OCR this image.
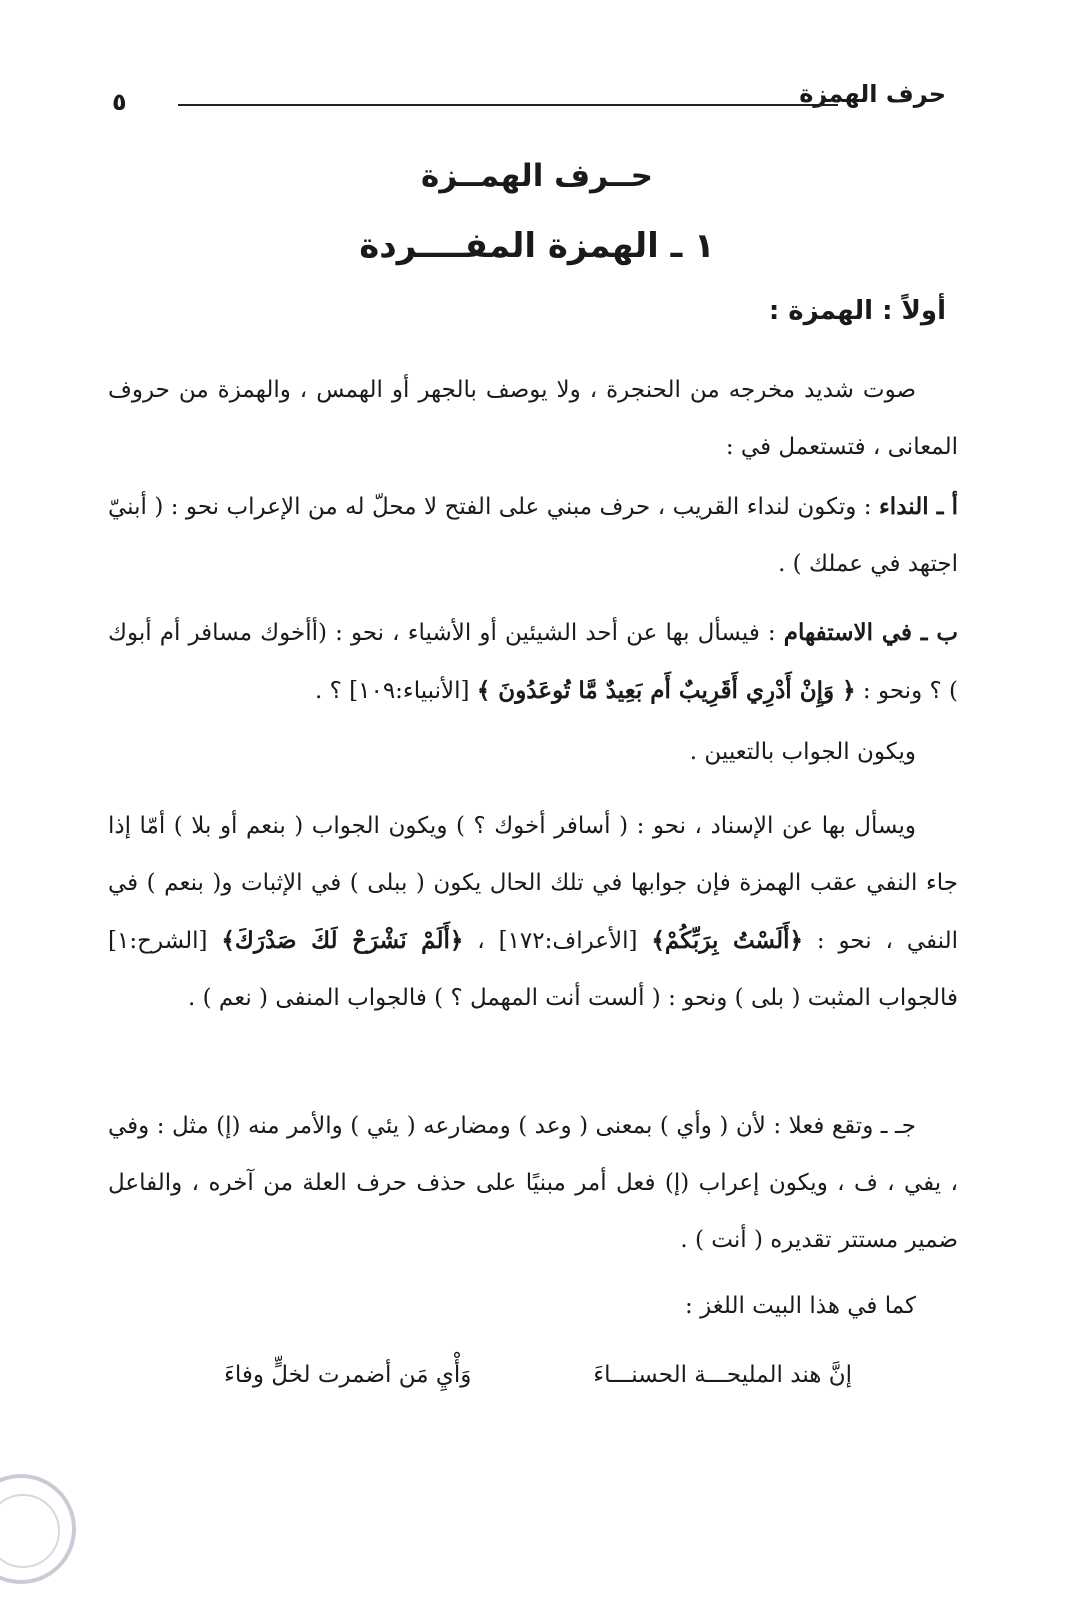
حرف الهمزة
٥
حــرف الهمــزة
١ ـ الهمزة المفــــردة
أولاً : الهمزة :

صوت شديد مخرجه من الحنجرة ، ولا يوصف بالجهر أو الهمس ، والهمزة من حروف المعانى ، فتستعمل في :

أ ـ النداء : وتكون لنداء القريب ، حرف مبني على الفتح لا محلّ له من الإعراب نحو : ( أبنيّ اجتهد في عملك ) .

ب ـ في الاستفهام : فيسأل بها عن أحد الشيئين أو الأشياء ، نحو : (أأخوك مسافر أم أبوك ) ؟ ونحو : ﴿ وَإِنْ أَدْرِي أَقَرِيبٌ أَم بَعِيدٌ مَّا تُوعَدُونَ ﴾ [الأنبياء:١٠٩] ؟ .

ويكون الجواب بالتعيين .

ويسأل بها عن الإسناد ، نحو : ( أسافر أخوك ؟ ) ويكون الجواب ( بنعم أو بلا ) أمّا إذا جاء النفي عقب الهمزة فإن جوابها في تلك الحال يكون ( ببلى ) في الإثبات و( بنعم ) في النفي ، نحو : ﴿أَلَسْتُ بِرَبِّكُمْ﴾ [الأعراف:١٧٢] ، ﴿أَلَمْ نَشْرَحْ لَكَ صَدْرَكَ﴾ [الشرح:١] فالجواب المثبت ( بلى ) ونحو : ( ألست أنت المهمل ؟ ) فالجواب المنفى ( نعم ) .

جـ ـ وتقع فعلا : لأن ( وأي ) بمعنى ( وعد ) ومضارعه ( يئي ) والأمر منه (إ) مثل : وفي ، يفي ، ف ، ويكون إعراب (إ) فعل أمر مبنيًا على حذف حرف العلة من آخره ، والفاعل ضمير مستتر تقديره ( أنت ) .

كما في هذا البيت اللغز :

إنَّ هند المليحـــة الحسنـــاءَ
وَأْيِ مَن أضمرت لخلٍّ وفاءَ
